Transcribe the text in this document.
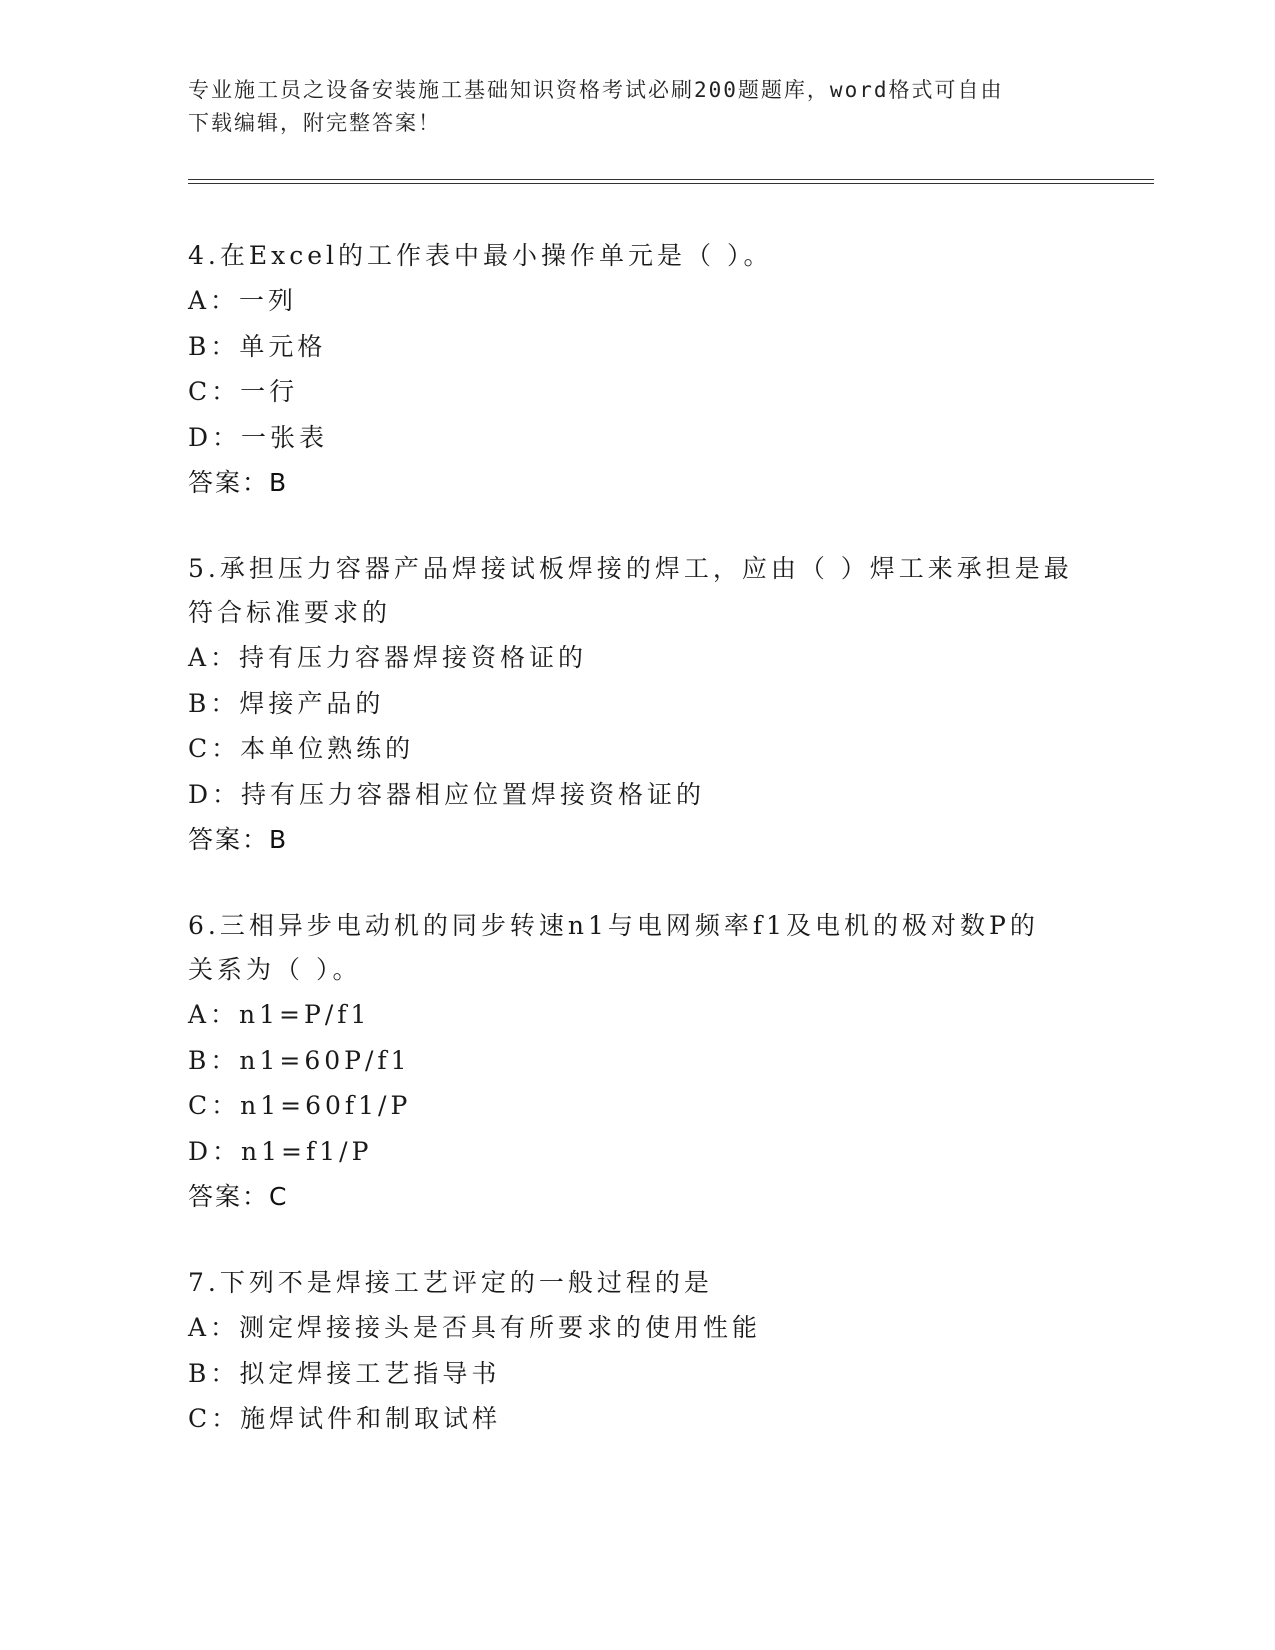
专业施工员之设备安装施工基础知识资格考试必刷200题题库，word格式可自由
下载编辑，附完整答案！
4.在Excel的工作表中最小操作单元是（ ）。
A：一列
B：单元格
C：一行
D：一张表
答案：B
5.承担压力容器产品焊接试板焊接的焊工，应由（ ）焊工来承担是最
符合标准要求的
A：持有压力容器焊接资格证的
B：焊接产品的
C：本单位熟练的
D：持有压力容器相应位置焊接资格证的
答案：B
6.三相异步电动机的同步转速n1与电网频率f1及电机的极对数P的
关系为（ ）。
A：n1=P/f1
B：n1=60P/f1
C：n1=60f1/P
D：n1=f1/P
答案：C
7.下列不是焊接工艺评定的一般过程的是
A：测定焊接接头是否具有所要求的使用性能
B：拟定焊接工艺指导书
C：施焊试件和制取试样
